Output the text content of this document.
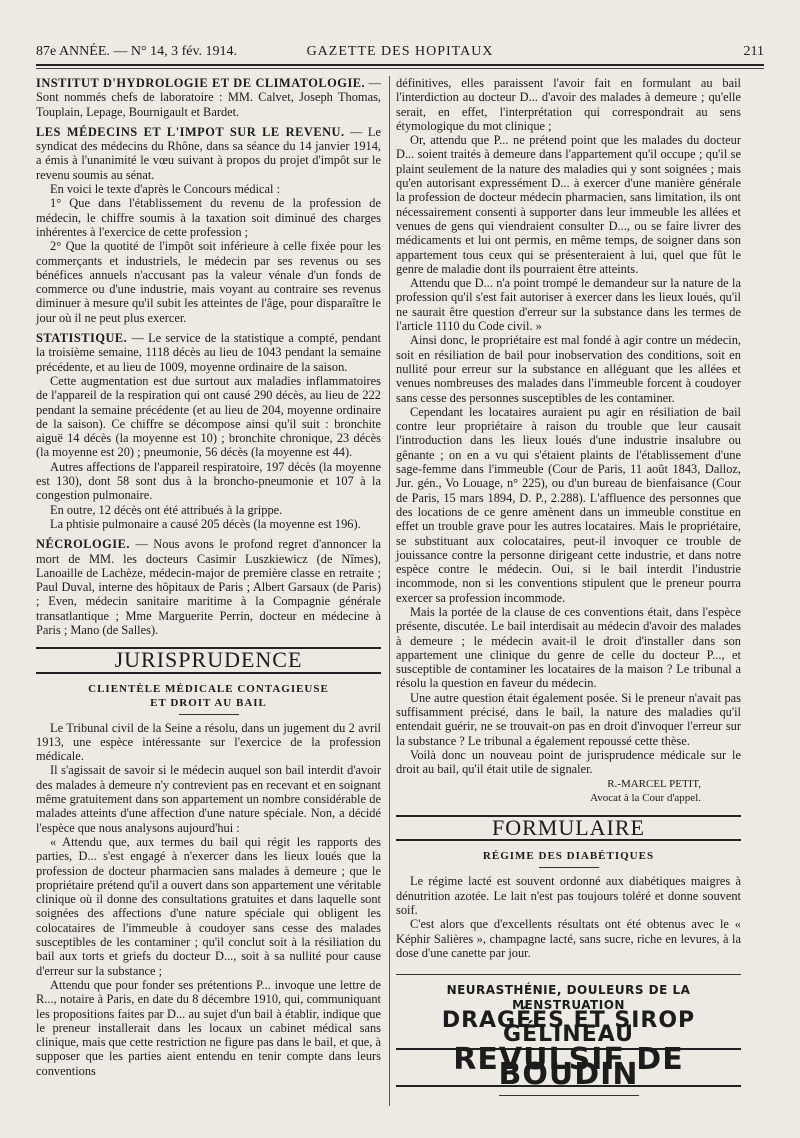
87e ANNÉE. — N° 14, 3 fév. 1914.	GAZETTE DES HOPITAUX	211

INSTITUT D'HYDROLOGIE ET DE CLIMATOLOGIE. — Sont nommés chefs de laboratoire : MM. Calvet, Joseph Thomas, Touplain, Lepage, Bournigault et Bardet.

LES MÉDECINS ET L'IMPOT SUR LE REVENU. — Le syndicat des médecins du Rhône, dans sa séance du 14 janvier 1914, a émis à l'unanimité le vœu suivant à propos du projet d'impôt sur le revenu soumis au sénat.

En voici le texte d'après le Concours médical :

1° Que dans l'établissement du revenu de la profession de médecin, le chiffre soumis à la taxation soit diminué des charges inhérentes à l'exercice de cette profession ;

2° Que la quotité de l'impôt soit inférieure à celle fixée pour les commerçants et industriels, le médecin par ses revenus ou ses bénéfices annuels n'accusant pas la valeur vénale d'un fonds de commerce ou d'une industrie, mais voyant au contraire ses revenus diminuer à mesure qu'il subit les atteintes de l'âge, pour disparaître le jour où il ne peut plus exercer.

STATISTIQUE. — Le service de la statistique a compté, pendant la troisième semaine, 1118 décès au lieu de 1043 pendant la semaine précédente, et au lieu de 1009, moyenne ordinaire de la saison.

Cette augmentation est due surtout aux maladies inflammatoires de l'appareil de la respiration qui ont causé 290 décès, au lieu de 222 pendant la semaine précédente (et au lieu de 204, moyenne ordinaire de la saison). Ce chiffre se décompose ainsi qu'il suit : bronchite aiguë 14 décès (la moyenne est 10) ; bronchite chronique, 23 décès (la moyenne est 20) ; pneumonie, 56 décès (la moyenne est 44).

Autres affections de l'appareil respiratoire, 197 décès (la moyenne est 130), dont 58 sont dus à la broncho-pneumonie et 107 à la congestion pulmonaire.

En outre, 12 décès ont été attribués à la grippe.

La phtisie pulmonaire a causé 205 décès (la moyenne est 196).

NÉCROLOGIE. — Nous avons le profond regret d'annoncer la mort de MM. les docteurs Casimir Luszkiewicz (de Nîmes), Lanoaille de Lachèze, médecin-major de première classe en retraite ; Paul Duval, interne des hôpitaux de Paris ; Albert Garsaux (de Paris) ; Even, médecin sanitaire maritime à la Compagnie générale transatlantique ; Mme Marguerite Perrin, docteur en médecine à Paris ; Mano (de Salles).

JURISPRUDENCE
CLIENTÈLE MÉDICALE CONTAGIEUSE
ET DROIT AU BAIL

Le Tribunal civil de la Seine a résolu, dans un jugement du 2 avril 1913, une espèce intéressante sur l'exercice de la profession médicale.

Il s'agissait de savoir si le médecin auquel son bail interdit d'avoir des malades à demeure n'y contrevient pas en recevant et en soignant même gratuitement dans son appartement un nombre considérable de malades atteints d'une affection d'une nature spéciale. Non, a décidé l'espèce que nous analysons aujourd'hui :

« Attendu que, aux termes du bail qui régit les rapports des parties, D... s'est engagé à n'exercer dans les lieux loués que la profession de docteur pharmacien sans malades à demeure ; que le propriétaire prétend qu'il a ouvert dans son appartement une véritable clinique où il donne des consultations gratuites et dans laquelle sont soignées des affections d'une nature spéciale qui obligent les colocataires de l'immeuble à coudoyer sans cesse des malades susceptibles de les contaminer ; qu'il conclut soit à la résiliation du bail aux torts et griefs du docteur D..., soit à sa nullité pour cause d'erreur sur la substance ;

Attendu que pour fonder ses prétentions P... invoque une lettre de R..., notaire à Paris, en date du 8 décembre 1910, qui, communiquant les propositions faites par D... au sujet d'un bail à établir, indique que le preneur installerait dans les locaux un cabinet médical sans clinique, mais que cette restriction ne figure pas dans le bail, et que, à supposer que les parties aient entendu en tenir compte dans leurs conventions

définitives, elles paraissent l'avoir fait en formulant au bail l'interdiction au docteur D... d'avoir des malades à demeure ; qu'elle serait, en effet, l'interprétation qui correspondrait au sens étymologique du mot clinique ;

Or, attendu que P... ne prétend point que les malades du docteur D... soient traités à demeure dans l'appartement qu'il occupe ; qu'il se plaint seulement de la nature des maladies qui y sont soignées ; mais qu'en autorisant expressément D... à exercer d'une manière générale la profession de docteur médecin pharmacien, sans limitation, ils ont nécessairement consenti à supporter dans leur immeuble les allées et venues de gens qui viendraient consulter D..., ou se faire livrer des médicaments et lui ont permis, en même temps, de soigner dans son appartement tous ceux qui se présenteraient à lui, quel que fût le genre de maladie dont ils pourraient être atteints.

Attendu que D... n'a point trompé le demandeur sur la nature de la profession qu'il s'est fait autoriser à exercer dans les lieux loués, qu'il ne saurait être question d'erreur sur la substance dans les termes de l'article 1110 du Code civil. »

Ainsi donc, le propriétaire est mal fondé à agir contre un médecin, soit en résiliation de bail pour inobservation des conditions, soit en nullité pour erreur sur la substance en alléguant que les allées et venues nombreuses des malades dans l'immeuble forcent à coudoyer sans cesse des personnes susceptibles de les contaminer.

Cependant les locataires auraient pu agir en résiliation de bail contre leur propriétaire à raison du trouble que leur causait l'introduction dans les lieux loués d'une industrie insalubre ou gênante ; on en a vu qui s'étaient plaints de l'établissement d'une sage-femme dans l'immeuble (Cour de Paris, 11 août 1843, Dalloz, Jur. gén., Vo Louage, n° 225), ou d'un bureau de bienfaisance (Cour de Paris, 15 mars 1894, D. P., 2.288). L'affluence des personnes que des locations de ce genre amènent dans un immeuble constitue en effet un trouble grave pour les autres locataires. Mais le propriétaire, se substituant aux colocataires, peut-il invoquer ce trouble de jouissance contre la personne dirigeant cette industrie, et dans notre espèce contre le médecin. Oui, si le bail interdit l'industrie incommode, non si les conventions stipulent que le preneur pourra exercer sa profession incommode.

Mais la portée de la clause de ces conventions était, dans l'espèce présente, discutée. Le bail interdisait au médecin d'avoir des malades à demeure ; le médecin avait-il le droit d'installer dans son appartement une clinique du genre de celle du docteur P..., et susceptible de contaminer les locataires de la maison ? Le tribunal a résolu la question en faveur du médecin.

Une autre question était également posée. Si le preneur n'avait pas suffisamment précisé, dans le bail, la nature des maladies qu'il entendait guérir, ne se trouvait-on pas en droit d'invoquer l'erreur sur la substance ? Le tribunal a également repoussé cette thèse.

Voilà donc un nouveau point de jurisprudence médicale sur le droit au bail, qu'il était utile de signaler.

R.-MARCEL PETIT,
Avocat à la Cour d'appel.
FORMULAIRE
RÉGIME DES DIABÉTIQUES

Le régime lacté est souvent ordonné aux diabétiques maigres à dénutrition azotée. Le lait n'est pas toujours toléré et donne souvent soif.

C'est alors que d'excellents résultats ont été obtenus avec le « Képhir Salières », champagne lacté, sans sucre, riche en levures, à la dose d'une canette par jour.

NEURASTHÉNIE, DOULEURS DE LA MENSTRUATION
DRAGÉES ET SIROP GÉLINEAU
REVULSIF DE BOUDIN
